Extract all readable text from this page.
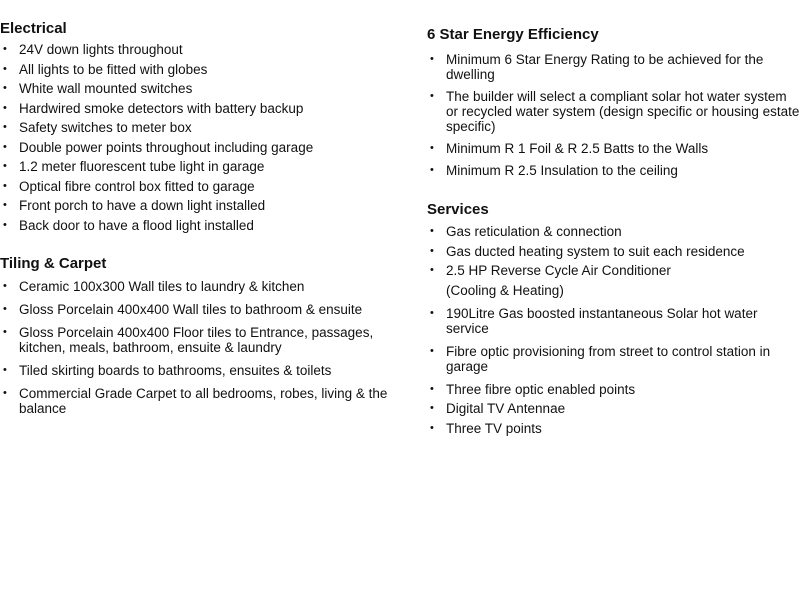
Electrical
• 24V down lights throughout
• All lights to be fitted with globes
• White wall mounted switches
• Hardwired smoke detectors with battery backup
• Safety switches to meter box
• Double power points throughout including garage
• 1.2 meter fluorescent tube light in garage
• Optical fibre control box fitted to garage
• Front porch to have a down light installed
• Back door to have a flood light installed
Tiling & Carpet
• Ceramic 100x300 Wall tiles to laundry & kitchen
• Gloss Porcelain 400x400 Wall tiles to bathroom & ensuite
• Gloss Porcelain 400x400 Floor tiles to Entrance, passages, kitchen, meals, bathroom, ensuite & laundry
• Tiled skirting boards to bathrooms, ensuites & toilets
• Commercial Grade Carpet to all bedrooms, robes, living & the balance
6 Star Energy Efficiency
• Minimum 6 Star Energy Rating to be achieved for the dwelling
• The builder will select a compliant solar hot water system or recycled water system (design specific or housing estate specific)
• Minimum R 1 Foil & R 2.5 Batts to the Walls
• Minimum R 2.5 Insulation to the ceiling
Services
• Gas reticulation & connection
• Gas ducted heating system to suit each residence
• 2.5 HP Reverse Cycle Air Conditioner
(Cooling & Heating)
• 190Litre Gas boosted instantaneous Solar hot water service
• Fibre optic provisioning from street to control station in garage
• Three fibre optic enabled points
• Digital TV Antennae
• Three TV points
